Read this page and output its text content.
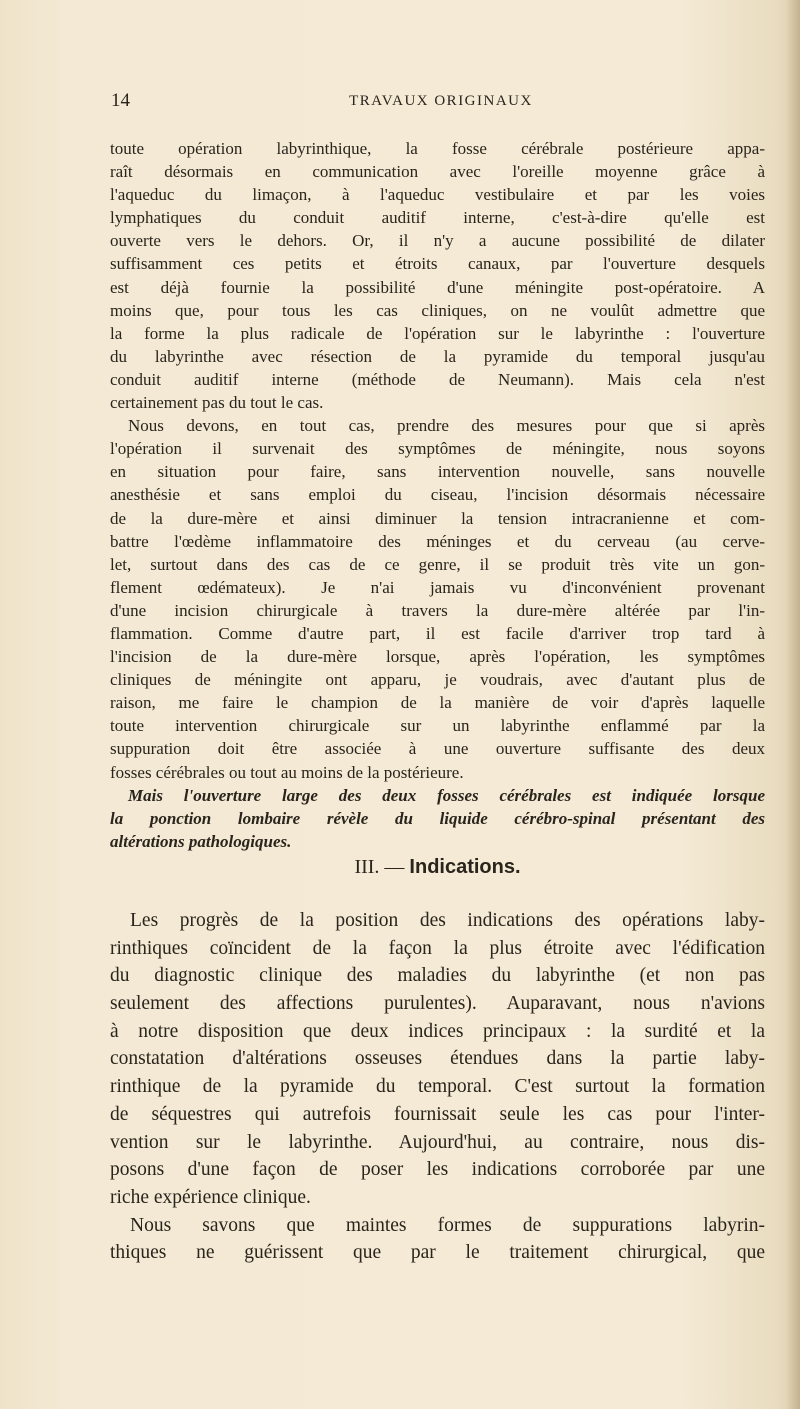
14	TRAVAUX ORIGINAUX
toute opération labyrinthique, la fosse cérébrale postérieure appa-
raît désormais en communication avec l'oreille moyenne grâce à
l'aqueduc du limaçon, à l'aqueduc vestibulaire et par les voies
lymphatiques du conduit auditif interne, c'est-à-dire qu'elle est
ouverte vers le dehors. Or, il n'y a aucune possibilité de dilater
suffisamment ces petits et étroits canaux, par l'ouverture desquels
est déjà fournie la possibilité d'une méningite post-opératoire. A
moins que, pour tous les cas cliniques, on ne voulût admettre que
la forme la plus radicale de l'opération sur le labyrinthe : l'ouverture
du labyrinthe avec résection de la pyramide du temporal jusqu'au
conduit auditif interne (méthode de Neumann). Mais cela n'est
certainement pas du tout le cas.
Nous devons, en tout cas, prendre des mesures pour que si après
l'opération il survenait des symptômes de méningite, nous soyons
en situation pour faire, sans intervention nouvelle, sans nouvelle
anesthésie et sans emploi du ciseau, l'incision désormais nécessaire
de la dure-mère et ainsi diminuer la tension intracranienne et com-
battre l'œdème inflammatoire des méninges et du cerveau (au cerve-
let, surtout dans des cas de ce genre, il se produit très vite un gon-
flement œdémateux). Je n'ai jamais vu d'inconvénient provenant
d'une incision chirurgicale à travers la dure-mère altérée par l'in-
flammation. Comme d'autre part, il est facile d'arriver trop tard à
l'incision de la dure-mère lorsque, après l'opération, les symptômes
cliniques de méningite ont apparu, je voudrais, avec d'autant plus de
raison, me faire le champion de la manière de voir d'après laquelle
toute intervention chirurgicale sur un labyrinthe enflammé par la
suppuration doit être associée à une ouverture suffisante des deux
fosses cérébrales ou tout au moins de la postérieure.
Mais l'ouverture large des deux fosses cérébrales est indiquée lorsque
la ponction lombaire révèle du liquide cérébro-spinal présentant des
altérations pathologiques.
III. — Indications.
Les progrès de la position des indications des opérations laby-
rinthiques coïncident de la façon la plus étroite avec l'édification
du diagnostic clinique des maladies du labyrinthe (et non pas
seulement des affections purulentes). Auparavant, nous n'avions
à notre disposition que deux indices principaux : la surdité et la
constatation d'altérations osseuses étendues dans la partie laby-
rinthique de la pyramide du temporal. C'est surtout la formation
de séquestres qui autrefois fournissait seule les cas pour l'inter-
vention sur le labyrinthe. Aujourd'hui, au contraire, nous dis-
posons d'une façon de poser les indications corroborée par une
riche expérience clinique.
Nous savons que maintes formes de suppurations labyrin-
thiques ne guérissent que par le traitement chirurgical, que
